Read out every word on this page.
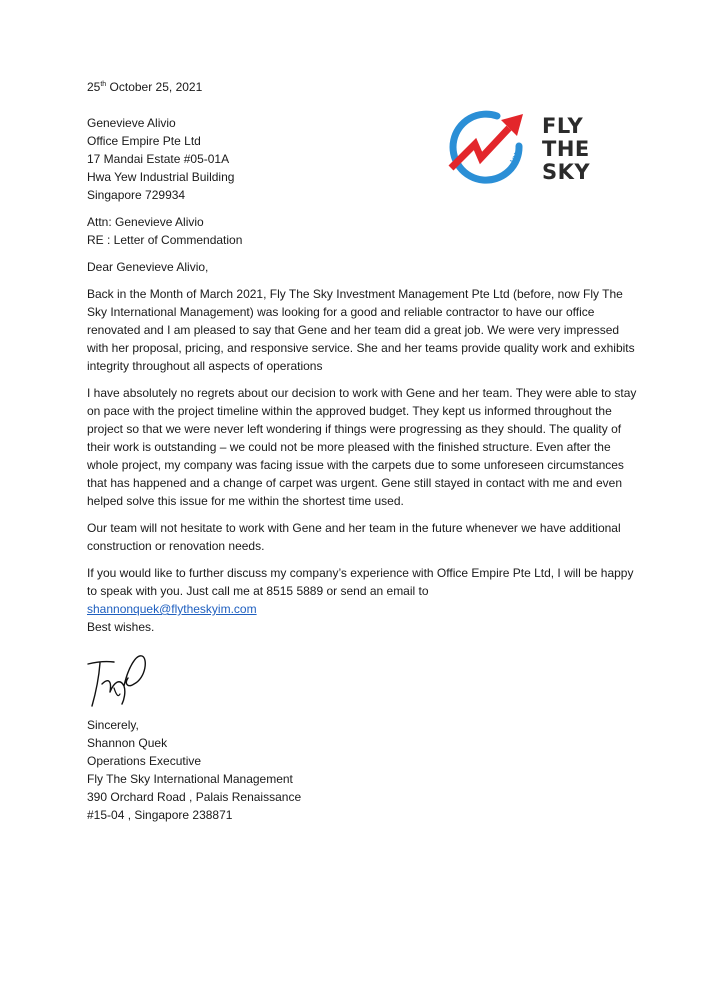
sky
FLY
THE
SKY
25th October 25, 2021
Genevieve Alivio
Office Empire Pte Ltd
17 Mandai Estate #05-01A
Hwa Yew Industrial Building
Singapore 729934
Attn: Genevieve Alivio
RE : Letter of Commendation
Dear Genevieve Alivio,

Back in the Month of March 2021, Fly The Sky Investment Management Pte Ltd (before, now Fly The Sky International Management) was looking for a good and reliable contractor to have our office renovated and I am pleased to say that Gene and her team did a great job. We were very impressed with her proposal, pricing, and responsive service. She and her teams provide quality work and exhibits integrity throughout all aspects of operations

I have absolutely no regrets about our decision to work with Gene and her team. They were able to stay on pace with the project timeline within the approved budget. They kept us informed throughout the project so that we were never left wondering if things were progressing as they should. The quality of their work is outstanding – we could not be more pleased with the finished structure. Even after the whole project, my company was facing issue with the carpets due to some unforeseen circumstances that has happened and a change of carpet was urgent. Gene still stayed in contact with me and even helped solve this issue for me within the shortest time used.

Our team will not hesitate to work with Gene and her team in the future whenever we have additional construction or renovation needs.

If you would like to further discuss my company’s experience with Office Empire Pte Ltd, I will be happy to speak with you. Just call me at 8515 5889 or send an email to

shannonquek@flytheskyim.com
Best wishes.
Sincerely,
Shannon Quek
Operations Executive
Fly The Sky International Management
390 Orchard Road , Palais Renaissance
#15-04 , Singapore 238871
